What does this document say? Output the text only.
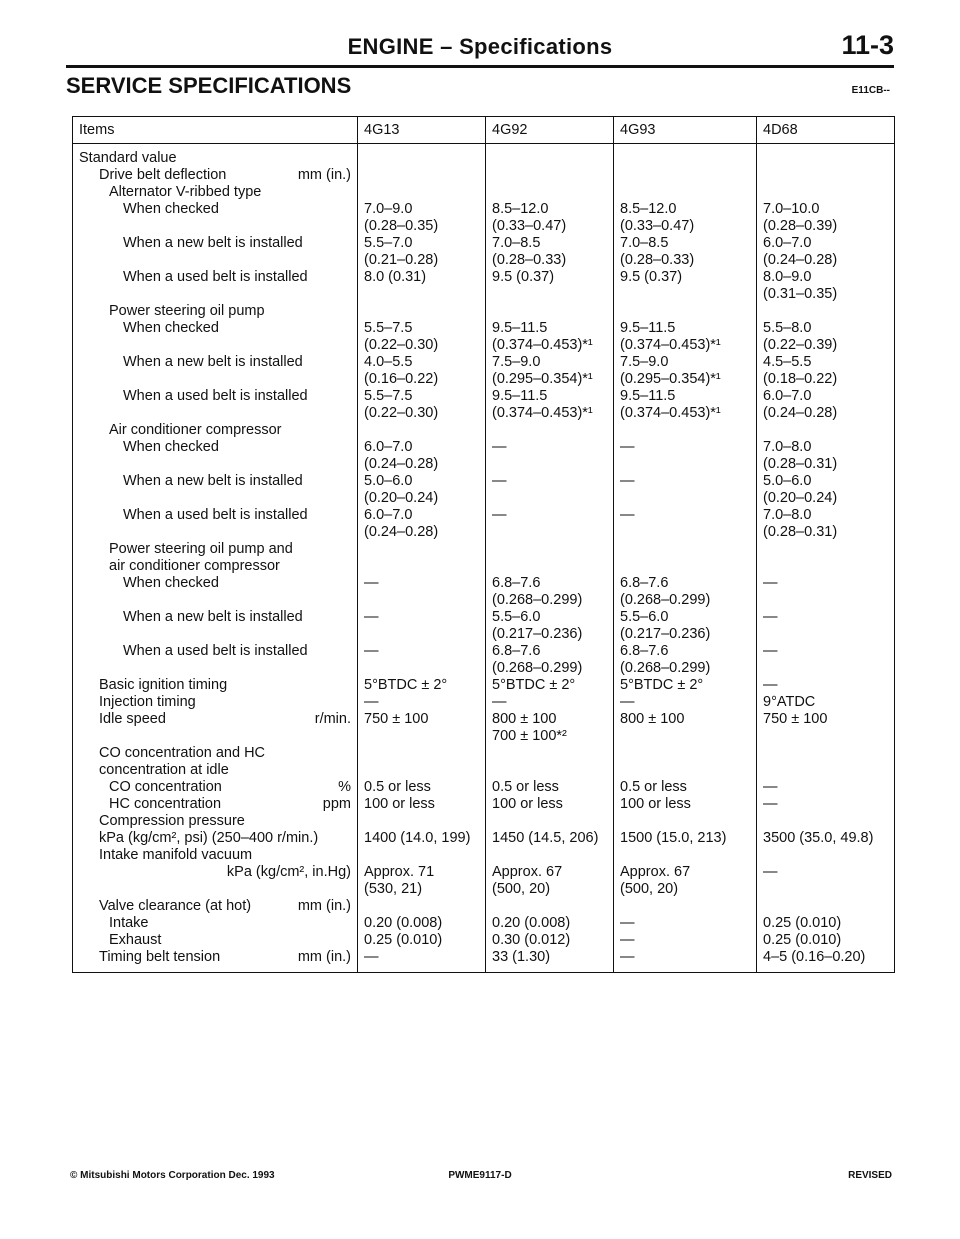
ENGINE – Specifications	11-3
SERVICE SPECIFICATIONS	E11CB--
Items	4G13	4G92	4G93	4D68

Standard value				

Drive belt deflection mm (in.)				

Alternator V-ribbed type				

When checked	7.0–9.0	8.5–12.0	8.5–12.0	7.0–10.0

	(0.28–0.35)	(0.33–0.47)	(0.33–0.47)	(0.28–0.39)

When a new belt is installed	5.5–7.0	7.0–8.5	7.0–8.5	6.0–7.0

	(0.21–0.28)	(0.28–0.33)	(0.28–0.33)	(0.24–0.28)

When a used belt is installed	8.0 (0.31)	9.5 (0.37)	9.5 (0.37)	8.0–9.0

				(0.31–0.35)

Power steering oil pump				

When checked	5.5–7.5	9.5–11.5	9.5–11.5	5.5–8.0

	(0.22–0.30)	(0.374–0.453)*¹	(0.374–0.453)*¹	(0.22–0.39)

When a new belt is installed	4.0–5.5	7.5–9.0	7.5–9.0	4.5–5.5

	(0.16–0.22)	(0.295–0.354)*¹	(0.295–0.354)*¹	(0.18–0.22)

When a used belt is installed	5.5–7.5	9.5–11.5	9.5–11.5	6.0–7.0

	(0.22–0.30)	(0.374–0.453)*¹	(0.374–0.453)*¹	(0.24–0.28)

Air conditioner compressor				

When checked	6.0–7.0	—	—	7.0–8.0

	(0.24–0.28)			(0.28–0.31)

When a new belt is installed	5.0–6.0	—	—	5.0–6.0

	(0.20–0.24)			(0.20–0.24)

When a used belt is installed	6.0–7.0	—	—	7.0–8.0

	(0.24–0.28)			(0.28–0.31)

Power steering oil pump and				

air conditioner compressor				

When checked	—	6.8–7.6	6.8–7.6	—

		(0.268–0.299)	(0.268–0.299)	

When a new belt is installed	—	5.5–6.0	5.5–6.0	—

		(0.217–0.236)	(0.217–0.236)	

When a used belt is installed	—	6.8–7.6	6.8–7.6	—

		(0.268–0.299)	(0.268–0.299)	

Basic ignition timing	5°BTDC ± 2°	5°BTDC ± 2°	5°BTDC ± 2°	—

Injection timing	—	—	—	9°ATDC

Idle speed r/min.	750 ± 100	800 ± 100	800 ± 100	750 ± 100

		700 ± 100*²		

CO concentration and HC				

concentration at idle				

CO concentration %	0.5 or less	0.5 or less	0.5 or less	—

HC concentration ppm	100 or less	100 or less	100 or less	—

Compression pressure				

kPa (kg/cm², psi) (250–400 r/min.)	1400 (14.0, 199)	1450 (14.5, 206)	1500 (15.0, 213)	3500 (35.0, 49.8)

Intake manifold vacuum				

kPa (kg/cm², in.Hg)	Approx. 71	Approx. 67	Approx. 67	—

	(530, 21)	(500, 20)	(500, 20)	

Valve clearance (at hot) mm (in.)				

Intake	0.20 (0.008)	0.20 (0.008)	—	0.25 (0.010)

Exhaust	0.25 (0.010)	0.30 (0.012)	—	0.25 (0.010)

Timing belt tension mm (in.)	—	33 (1.30)	—	4–5 (0.16–0.20)
© Mitsubishi Motors Corporation Dec. 1993	PWME9117-D	REVISED
